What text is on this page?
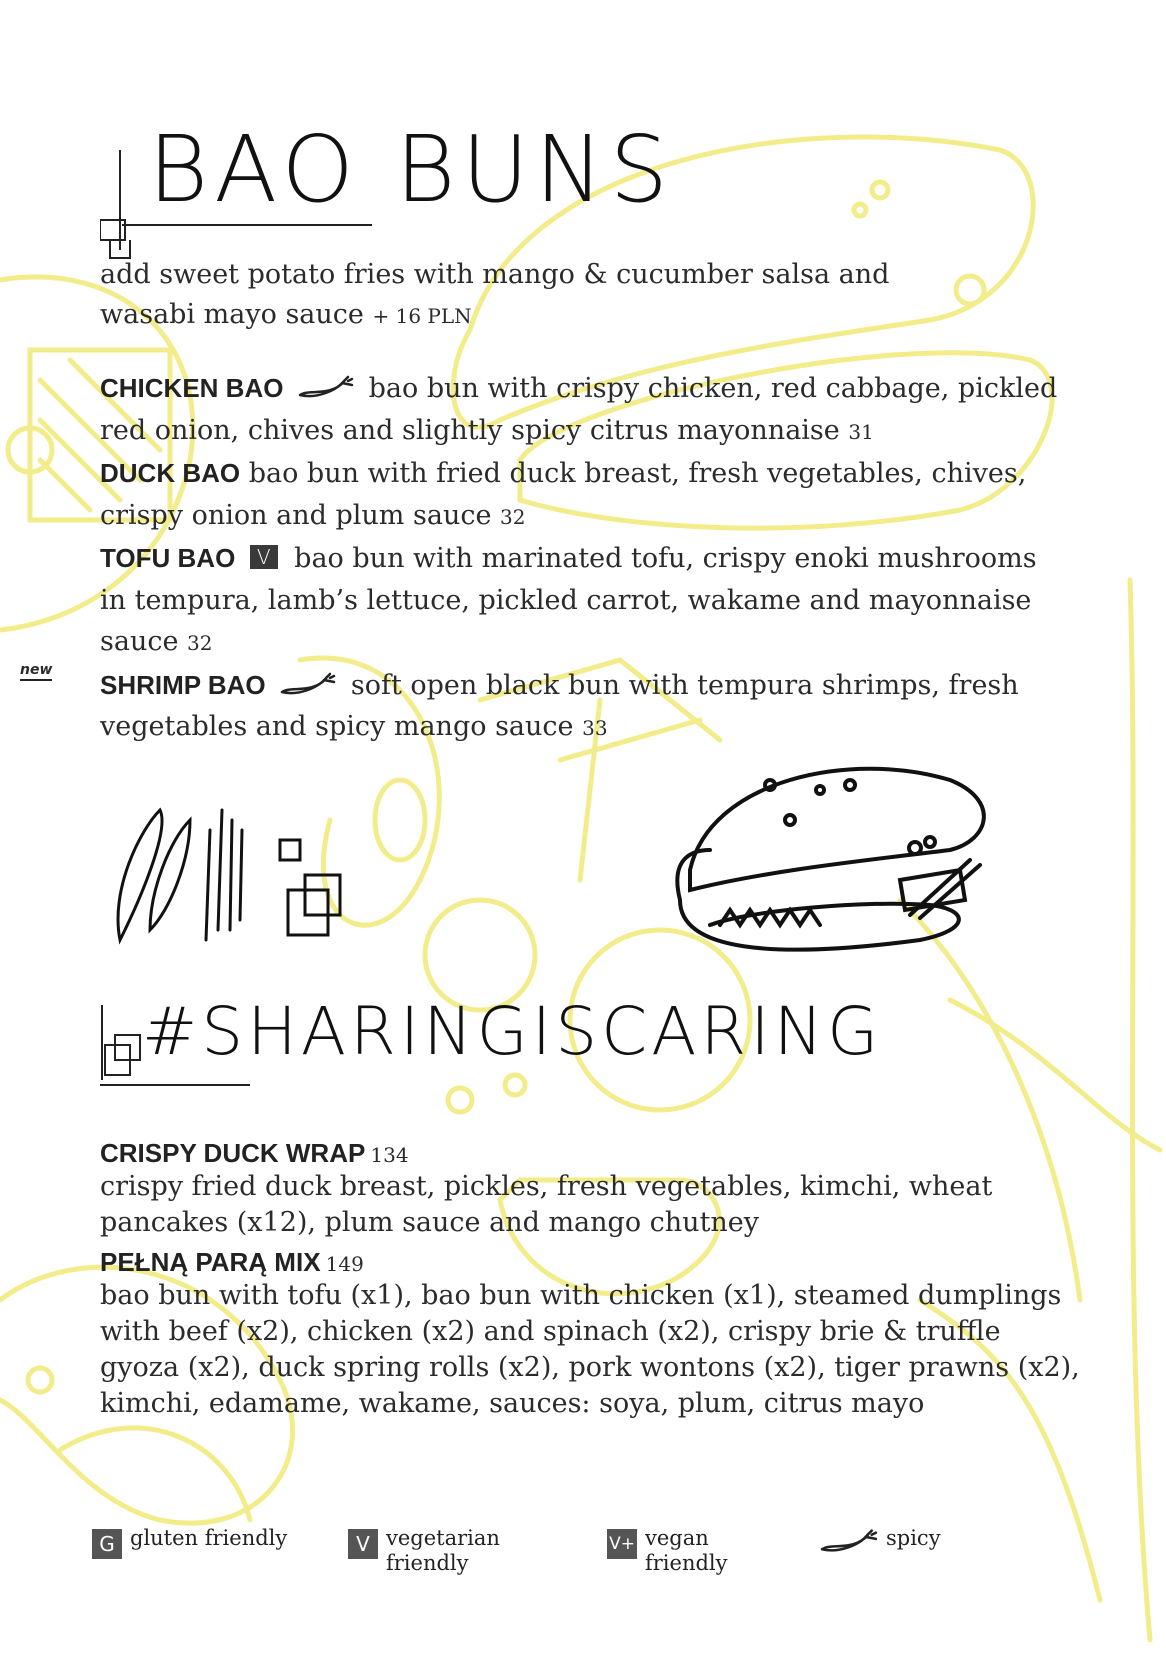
BAO BUNS
add sweet potato fries with mango & cucumber salsa and wasabi mayo sauce + 16 PLN
CHICKEN BAO	bao bun with crispy chicken, red cabbage, pickled red onion, chives and slightly spicy citrus mayonnaise 31
DUCK BAO bao bun with fried duck breast, fresh vegetables, chives, crispy onion and plum sauce 32
TOFU BAO V bao bun with marinated tofu, crispy enoki mushrooms in tempura, lamb’s lettuce, pickled carrot, wakame and mayonnaise sauce 32
new SHRIMP BAO	soft open black bun with tempura shrimps, fresh vegetables and spicy mango sauce 33
#SHARINGISCARING
CRISPY DUCK WRAP 134
crispy fried duck breast, pickles, fresh vegetables, kimchi, wheat pancakes (x12), plum sauce and mango chutney
PEŁNĄ PARĄ MIX 149
bao bun with tofu (x1), bao bun with chicken (x1), steamed dumplings with beef (x2), chicken (x2) and spinach (x2), crispy brie & truffle gyoza (x2), duck spring rolls (x2), pork wontons (x2), tiger prawns (x2), kimchi, edamame, wakame, sauces: soya, plum, citrus mayo
G gluten friendly	V vegetarian
friendly
V+ vegan
friendly
spicy
